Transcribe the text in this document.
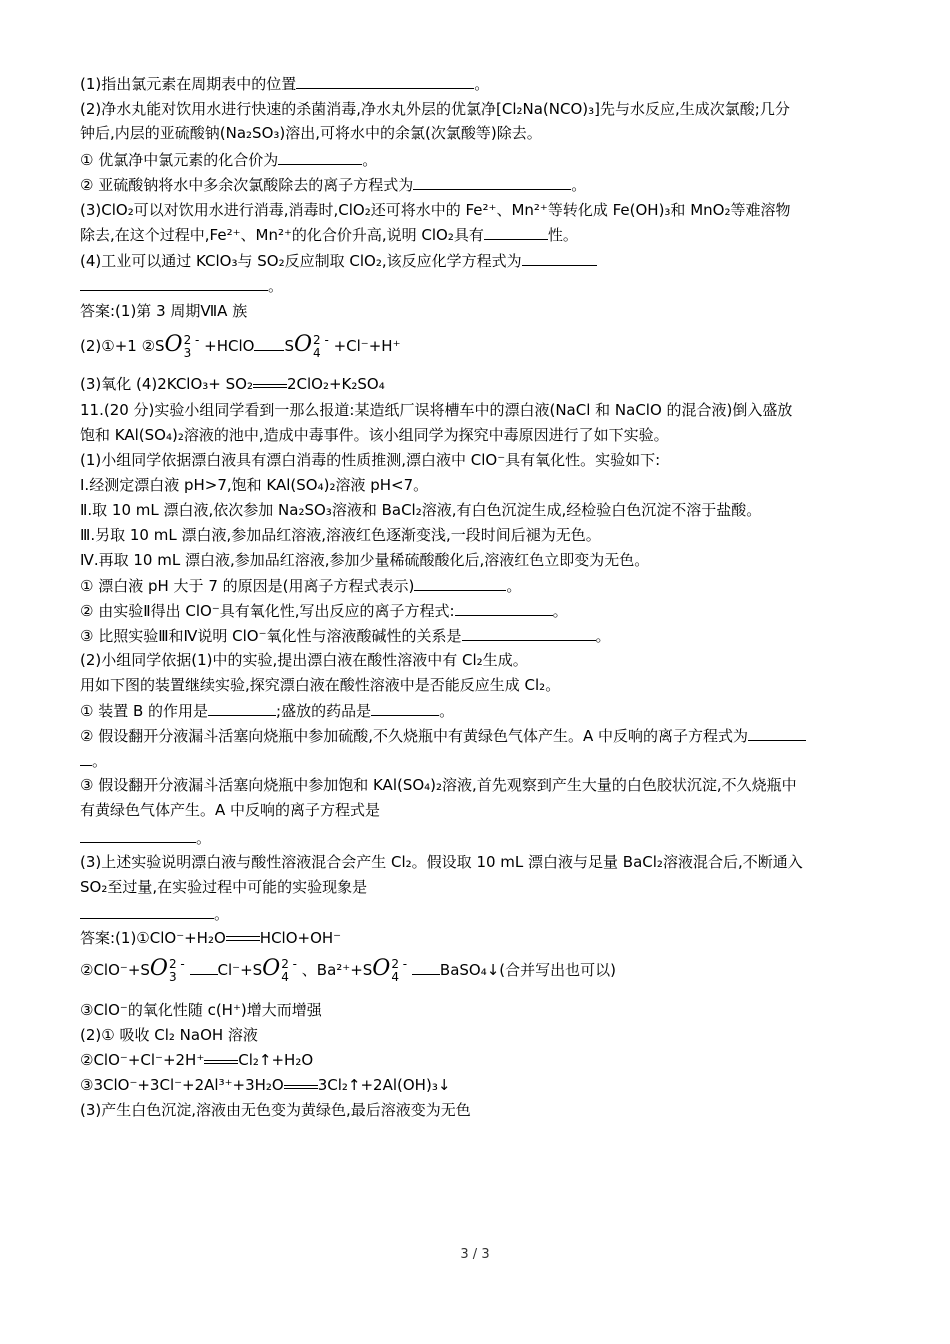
(1)指出氯元素在周期表中的位置	。
(2)净水丸能对饮用水进行快速的杀菌消毒,净水丸外层的优氯净[Cl₂Na(NCO)₃]先与水反应,生成次氯酸;几分
钟后,内层的亚硫酸钠(Na₂SO₃)溶出,可将水中的余氯(次氯酸等)除去。
① 优氯净中氯元素的化合价为	。
② 亚硫酸钠将水中多余次氯酸除去的离子方程式为	。
(3)ClO₂可以对饮用水进行消毒,消毒时,ClO₂还可将水中的 Fe²⁺、Mn²⁺等转化成 Fe(OH)₃和 MnO₂等难溶物
除去,在这个过程中,Fe²⁺、Mn²⁺的化合价升高,说明 ClO₂具有	性。
(4)工业可以通过 KClO₃与 SO₂反应制取 ClO₂,该反应化学方程式为
。
答案:(1)第 3 周期ⅦA 族
(2)①+1 ②SO 2 -
3 +HClO SO 2 -
4 +Cl⁻+H⁺
(3)氧化 (4)2KClO₃+ SO₂ 2ClO₂+K₂SO₄
11.(20 分)实验小组同学看到一那么报道:某造纸厂误将槽车中的漂白液(NaCl 和 NaClO 的混合液)倒入盛放
饱和 KAl(SO₄)₂溶液的池中,造成中毒事件。该小组同学为探究中毒原因进行了如下实验。
(1)小组同学依据漂白液具有漂白消毒的性质推测,漂白液中 ClO⁻具有氧化性。实验如下:
Ⅰ.经测定漂白液 pH>7,饱和 KAl(SO₄)₂溶液 pH<7。
Ⅱ.取 10 mL 漂白液,依次参加 Na₂SO₃溶液和 BaCl₂溶液,有白色沉淀生成,经检验白色沉淀不溶于盐酸。
Ⅲ.另取 10 mL 漂白液,参加品红溶液,溶液红色逐渐变浅,一段时间后褪为无色。
Ⅳ.再取 10 mL 漂白液,参加品红溶液,参加少量稀硫酸酸化后,溶液红色立即变为无色。
① 漂白液 pH 大于 7 的原因是(用离子方程式表示)	。
② 由实验Ⅱ得出 ClO⁻具有氧化性,写出反应的离子方程式:	。
③ 比照实验Ⅲ和Ⅳ说明 ClO⁻氧化性与溶液酸碱性的关系是	。
(2)小组同学依据(1)中的实验,提出漂白液在酸性溶液中有 Cl₂生成。
用如下图的装置继续实验,探究漂白液在酸性溶液中是否能反应生成 Cl₂。
① 装置 B 的作用是	;盛放的药品是	。
② 假设翻开分液漏斗活塞向烧瓶中参加硫酸,不久烧瓶中有黄绿色气体产生。A 中反响的离子方程式为
。
③ 假设翻开分液漏斗活塞向烧瓶中参加饱和 KAl(SO₄)₂溶液,首先观察到产生大量的白色胶状沉淀,不久烧瓶中
有黄绿色气体产生。A 中反响的离子方程式是
。
(3)上述实验说明漂白液与酸性溶液混合会产生 Cl₂。假设取 10 mL 漂白液与足量 BaCl₂溶液混合后,不断通入
SO₂至过量,在实验过程中可能的实验现象是
。
答案:(1)①ClO⁻+H₂O HClO+OH⁻
②ClO⁻+SO 2 -
3	Cl⁻+SO 2 -
4 、Ba²⁺+SO 2 -
4	BaSO₄↓(合并写出也可以)
③ClO⁻的氧化性随 c(H⁺)增大而增强
(2)① 吸收 Cl₂ NaOH 溶液
②ClO⁻+Cl⁻+2H⁺ Cl₂↑+H₂O
③3ClO⁻+3Cl⁻+2Al³⁺+3H₂O 3Cl₂↑+2Al(OH)₃↓
(3)产生白色沉淀,溶液由无色变为黄绿色,最后溶液变为无色
3 / 3
